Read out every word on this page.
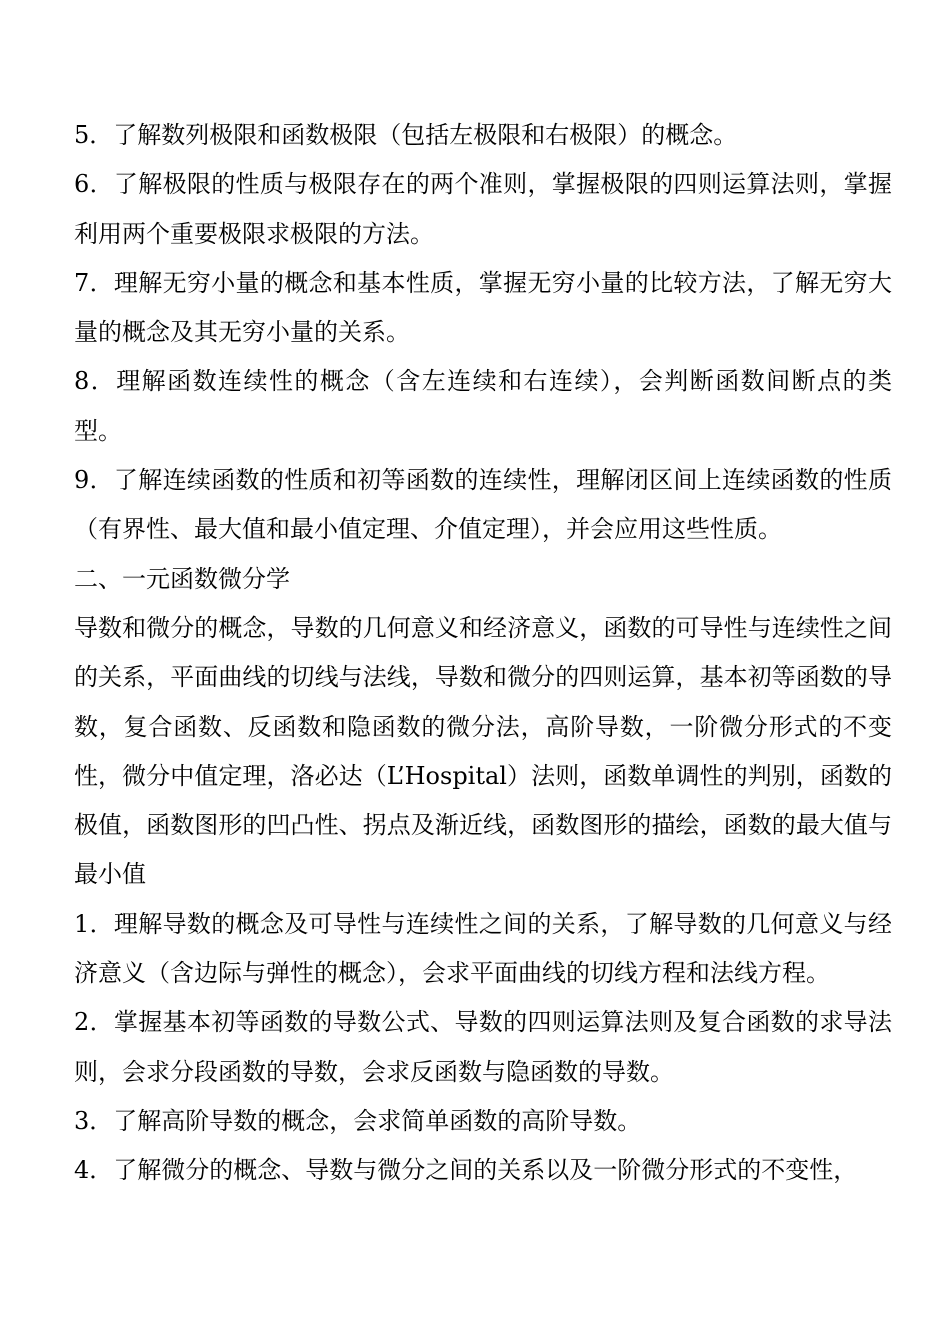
5．了解数列极限和函数极限（包括左极限和右极限）的概念。

6．了解极限的性质与极限存在的两个准则，掌握极限的四则运算法则，掌握利用两个重要极限求极限的方法。

7．理解无穷小量的概念和基本性质，掌握无穷小量的比较方法，了解无穷大量的概念及其无穷小量的关系。

8．理解函数连续性的概念（含左连续和右连续），会判断函数间断点的类型。

9．了解连续函数的性质和初等函数的连续性，理解闭区间上连续函数的性质（有界性、最大值和最小值定理、介值定理），并会应用这些性质。

二、一元函数微分学

导数和微分的概念，导数的几何意义和经济意义，函数的可导性与连续性之间的关系，平面曲线的切线与法线，导数和微分的四则运算，基本初等函数的导数，复合函数、反函数和隐函数的微分法，高阶导数，一阶微分形式的不变性，微分中值定理，洛必达（L’Hospital）法则，函数单调性的判别，函数的极值，函数图形的凹凸性、拐点及渐近线，函数图形的描绘，函数的最大值与最小值

1．理解导数的概念及可导性与连续性之间的关系，了解导数的几何意义与经济意义（含边际与弹性的概念），会求平面曲线的切线方程和法线方程。

2．掌握基本初等函数的导数公式、导数的四则运算法则及复合函数的求导法则，会求分段函数的导数，会求反函数与隐函数的导数。

3．了解高阶导数的概念，会求简单函数的高阶导数。

4．了解微分的概念、导数与微分之间的关系以及一阶微分形式的不变性，
